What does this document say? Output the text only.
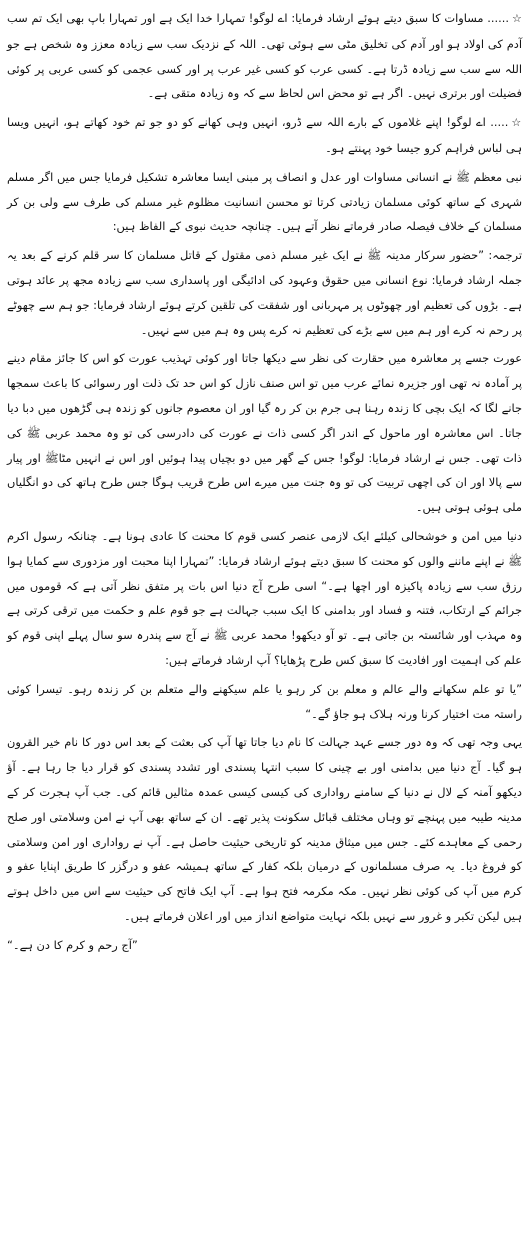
☆...... مساوات کا سبق دیتے ہوئے ارشاد فرمایا: اے لوگو! تمہارا خدا ایک ہے اور تمہارا باپ بھی ایک تم سب آدم کی اولاد ہو اور آدم کی تخلیق مٹی سے ہوئی تھی۔ اللہ کے نزدیک سب سے زیادہ معزز وہ شخص ہے جو اللہ سے سب سے زیادہ ڈرتا ہے۔ کسی عرب کو کسی غیر عرب پر اور کسی عجمی کو کسی عربی پر کوئی فضیلت اور برتری نہیں۔ اگر ہے تو محض اس لحاظ سے کہ وہ زیادہ متقی ہے۔

☆..... اے لوگو! اپنے غلاموں کے بارے اللہ سے ڈرو، انہیں وہی کھانے کو دو جو تم خود کھاتے ہو، انہیں ویسا ہی لباس فراہم کرو جیسا خود پہنتے ہو۔

نبی معظم ﷺ نے انسانی مساوات اور عدل و انصاف پر مبنی ایسا معاشرہ تشکیل فرمایا جس میں اگر مسلم شہری کے ساتھ کوئی مسلمان زیادتی کرتا تو محسن انسانیت مظلوم غیر مسلم کی طرف سے ولی بن کر مسلمان کے خلاف فیصلہ صادر فرماتے نظر آتے ہیں۔ چنانچہ حدیث نبوی کے الفاظ ہیں:

ترجمہ: ”حضور سرکار مدینہ ﷺ نے ایک غیر مسلم ذمی مقتول کے قاتل مسلمان کا سر قلم کرنے کے بعد یہ جملہ ارشاد فرمایا: نوع انسانی میں حقوق وعہود کی ادائیگی اور پاسداری سب سے زیادہ مجھ پر عائد ہوتی ہے۔ بڑوں کی تعظیم اور چھوٹوں پر مہربانی اور شفقت کی تلقین کرتے ہوئے ارشاد فرمایا: جو ہم سے چھوٹے پر رحم نہ کرے اور ہم میں سے بڑے کی تعظیم نہ کرے پس وہ ہم میں سے نہیں۔

عورت جسے پر معاشرہ میں حقارت کی نظر سے دیکھا جاتا اور کوئی تہذیب عورت کو اس کا جائز مقام دینے پر آمادہ نہ تھی اور جزیرہ نمائے عرب میں تو اس صنف نازل کو اس حد تک ذلت اور رسوائی کا باعث سمجھا جانے لگا کہ ایک بچی کا زندہ رہنا ہی جرم بن کر رہ گیا اور ان معصوم جانوں کو زندہ ہی گڑھوں میں دبا دیا جاتا۔ اس معاشرہ اور ماحول کے اندر اگر کسی ذات نے عورت کی دادرسی کی تو وہ محمد عربی ﷺ کی ذات تھی۔ جس نے ارشاد فرمایا: لوگو! جس کے گھر میں دو بچیاں پیدا ہوئیں اور اس نے انہیں مٹاﷺ اور پیار سے پالا اور ان کی اچھی تربیت کی تو وہ جنت میں میرے اس طرح قریب ہوگا جس طرح ہاتھ کی دو انگلیاں ملی ہوئی ہوتی ہیں۔

دنیا میں امن و خوشحالی کیلئے ایک لازمی عنصر کسی قوم کا محنت کا عادی ہونا ہے۔ چنانکہ رسول اکرم ﷺ نے اپنے ماننے والوں کو محنت کا سبق دیتے ہوئے ارشاد فرمایا: ”تمہارا اپنا محبت اور مزدوری سے کمایا ہوا رزق سب سے زیادہ پاکیزہ اور اچھا ہے۔“ اسی طرح آج دنیا اس بات پر متفق نظر آتی ہے کہ قوموں میں جرائم کے ارتکاب، فتنہ و فساد اور بدامنی کا ایک سبب جہالت ہے جو قوم علم و حکمت میں ترقی کرتی ہے وہ مہذب اور شائستہ بن جاتی ہے۔ تو آو دیکھو! محمد عربی ﷺ نے آج سے پندرہ سو سال پہلے اپنی قوم کو علم کی اہمیت اور افادیت کا سبق کس طرح پڑھایا؟ آپ ارشاد فرماتے ہیں:

”یا تو علم سکھانے والے عالم و معلم بن کر رہو یا علم سیکھنے والے متعلم بن کر زندہ رہو۔ تیسرا کوئی راستہ مت اختیار کرنا ورنہ ہلاک ہو جاؤ گے۔“

یہی وجہ تھی کہ وہ دور جسے عہد جہالت کا نام دیا جاتا تھا آپ کی بعثت کے بعد اس دور کا نام خیر القرون ہو گیا۔ آج دنیا میں بدامنی اور بے چینی کا سبب انتہا پسندی اور تشدد پسندی کو قرار دیا جا رہا ہے۔ آؤ دیکھو آمنہ کے لال نے دنیا کے سامنے رواداری کی کیسی کیسی عمدہ مثالیں قائم کی۔ جب آپ ہجرت کر کے مدینہ طیبہ میں پہنچے تو وہاں مختلف قبائل سکونت پذیر تھے۔ ان کے ساتھ بھی آپ نے امن وسلامتی اور صلح رحمی کے معاہدے کئے۔ جس میں میثاق مدینہ کو تاریخی حیثیت حاصل ہے۔ آپ نے رواداری اور امن وسلامتی کو فروغ دیا۔ یہ صرف مسلمانوں کے درمیان بلکہ کفار کے ساتھ ہمیشہ عفو و درگزر کا طریق اپنایا عفو و کرم میں آپ کی کوئی نظر نہیں۔ مکہ مکرمہ فتح ہوا ہے۔ آپ ایک فاتح کی حیثیت سے اس میں داخل ہوتے ہیں لیکن تکبر و غرور سے نہیں بلکہ نہایت متواضع انداز میں اور اعلان فرماتے ہیں۔

”آج رحم و کرم کا دن ہے۔“
